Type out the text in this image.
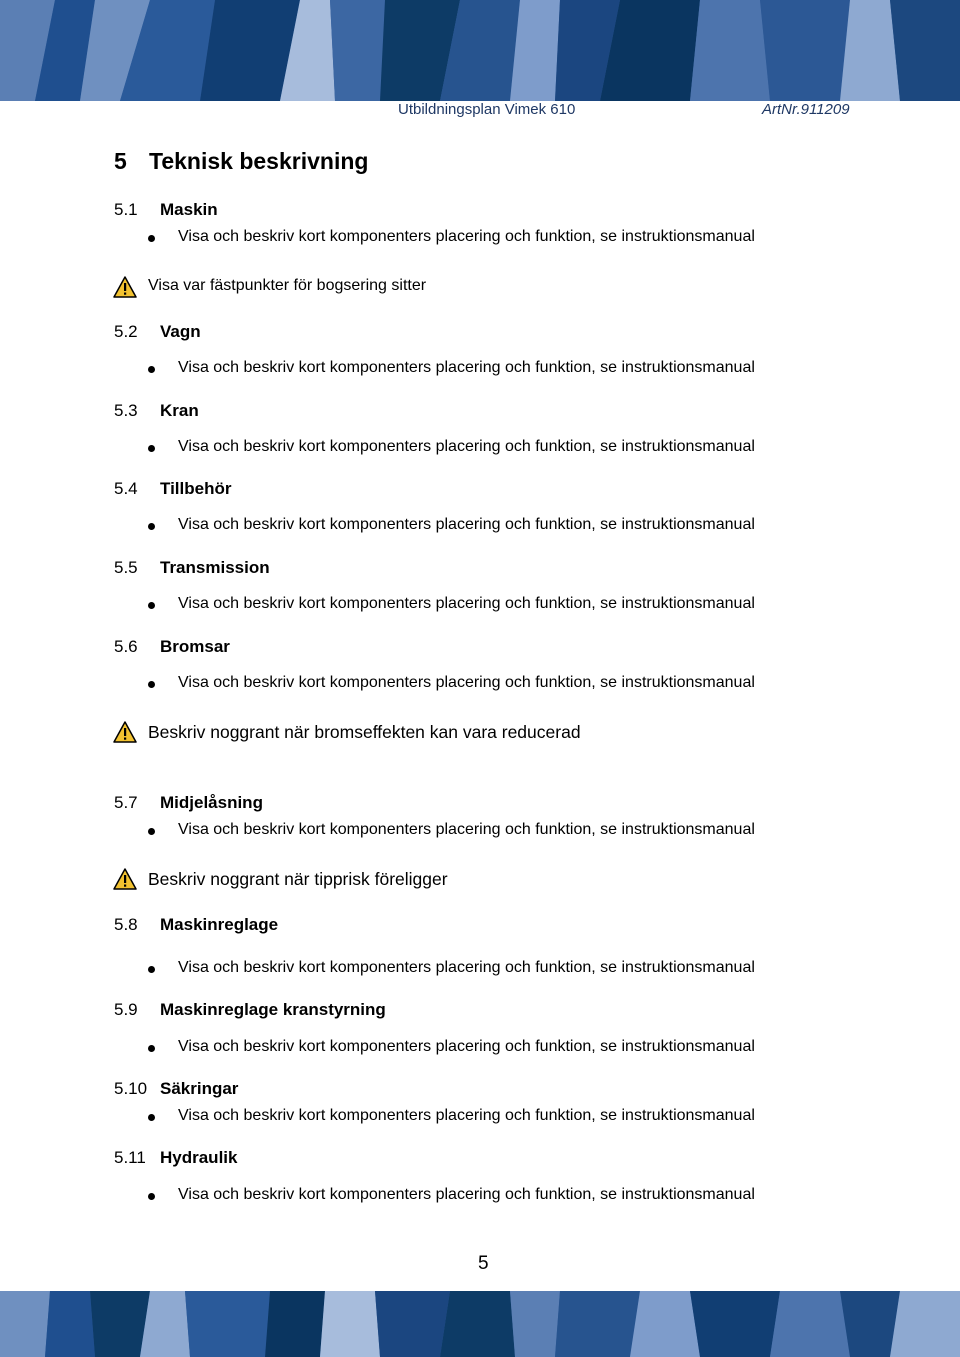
Utbildningsplan Vimek 610	ArtNr.911209
5 Teknisk beskrivning
5.1 Maskin
Visa och beskriv kort komponenters placering och funktion, se instruktionsmanual
Visa var fästpunkter för bogsering sitter
5.2 Vagn
Visa och beskriv kort komponenters placering och funktion, se instruktionsmanual
5.3 Kran
Visa och beskriv kort komponenters placering och funktion, se instruktionsmanual
5.4 Tillbehör
Visa och beskriv kort komponenters placering och funktion, se instruktionsmanual
5.5 Transmission
Visa och beskriv kort komponenters placering och funktion, se instruktionsmanual
5.6 Bromsar
Visa och beskriv kort komponenters placering och funktion, se instruktionsmanual
Beskriv noggrant när bromseffekten kan vara reducerad
5.7 Midjelåsning
Visa och beskriv kort komponenters placering och funktion, se instruktionsmanual
Beskriv noggrant när tipprisk föreligger
5.8 Maskinreglage
Visa och beskriv kort komponenters placering och funktion, se instruktionsmanual
5.9 Maskinreglage kranstyrning
Visa och beskriv kort komponenters placering och funktion, se instruktionsmanual
5.10 Säkringar
Visa och beskriv kort komponenters placering och funktion, se instruktionsmanual
5.11 Hydraulik
Visa och beskriv kort komponenters placering och funktion, se instruktionsmanual
5
